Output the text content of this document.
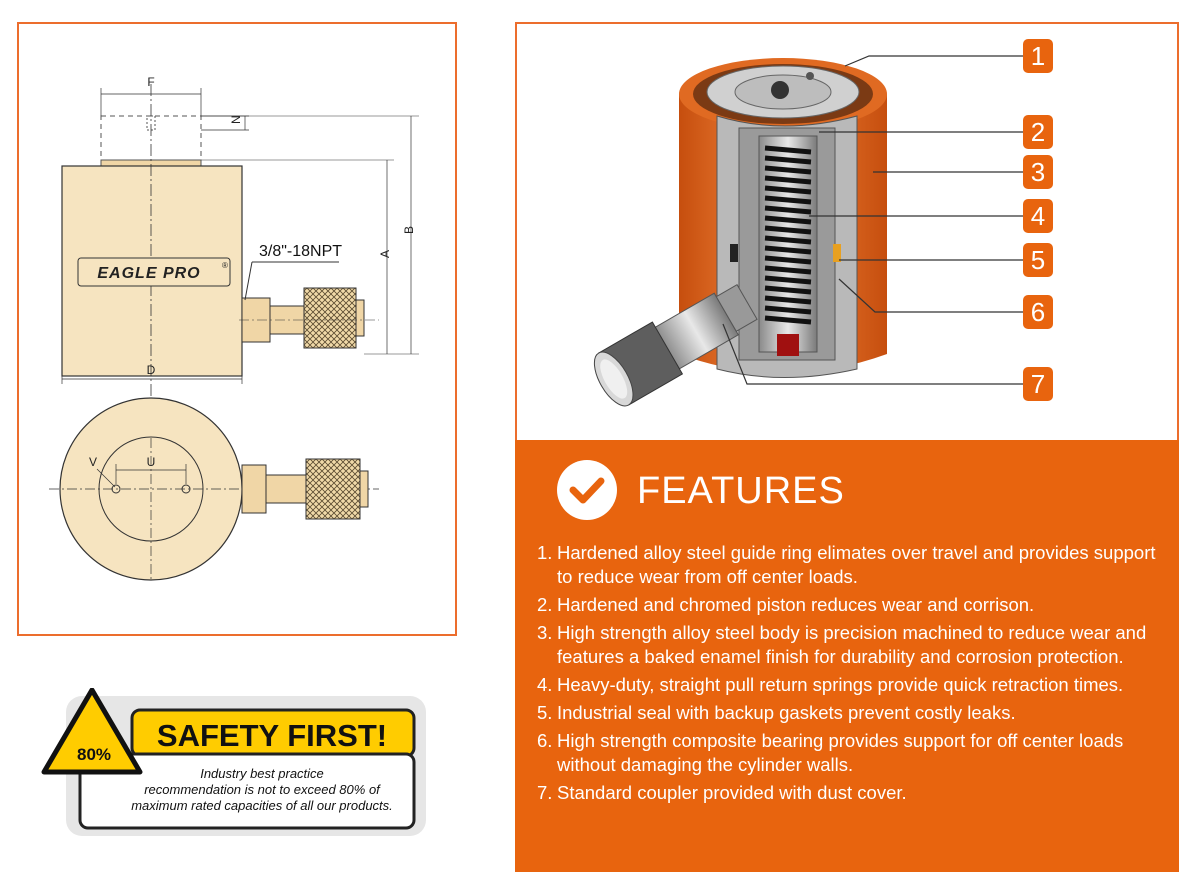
EAGLE PRO	®
3/8"-18NPT
F
N
B
A
D
U
V
1
2
3
4
5
6
7
FEATURES
1. Hardened alloy steel guide ring elimates over travel and provides support to reduce wear from off center loads.
2. Hardened and chromed piston reduces wear and corrison.
3. High strength alloy steel body is precision machined to reduce wear and features a baked enamel finish for durability and corrosion protection.
4. Heavy-duty, straight pull return springs provide quick retraction times.
5. Industrial seal with backup gaskets prevent costly leaks.
6. High strength composite bearing provides support for off center loads without damaging the cylinder walls.
7. Standard coupler provided with dust cover.
SAFETY FIRST!
Industry best practice
recommendation is not to exceed 80% of
maximum rated capacities of all our products.
80%
